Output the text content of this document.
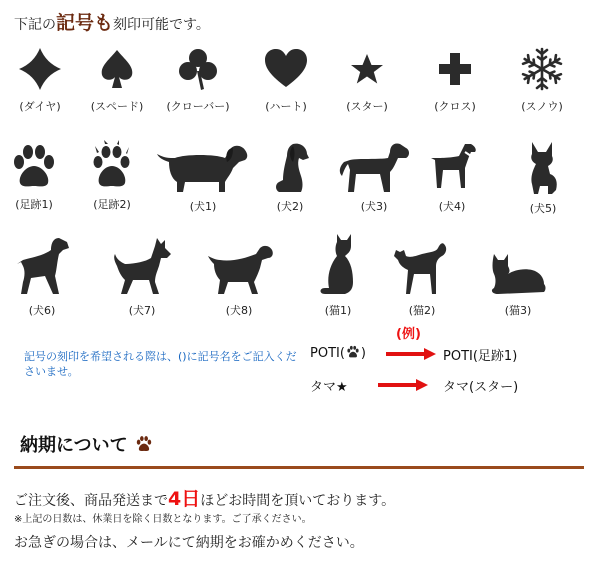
下記の記号も刻印可能です。
(ダイヤ)	(スペード)	(クローバー)	(ハート)	(スター)	(クロス)	(スノウ)
(足跡1)	(足跡2)	(犬1)	(犬2)	(犬3)	(犬4)	(犬5)
(犬6)	(犬7)	(犬8)	(猫1)	(猫2)	(猫3)
記号の刻印を希望される際は、()に記号名をご記入くださいませ。
(例)
POTI( )	POTI(足跡1)
タマ★	タマ(スター)
納期について
ご注文後、商品発送まで4日ほどお時間を頂いております。
※上記の日数は、休業日を除く日数となります。ご了承ください。
お急ぎの場合は、メールにて納期をお確かめください。
